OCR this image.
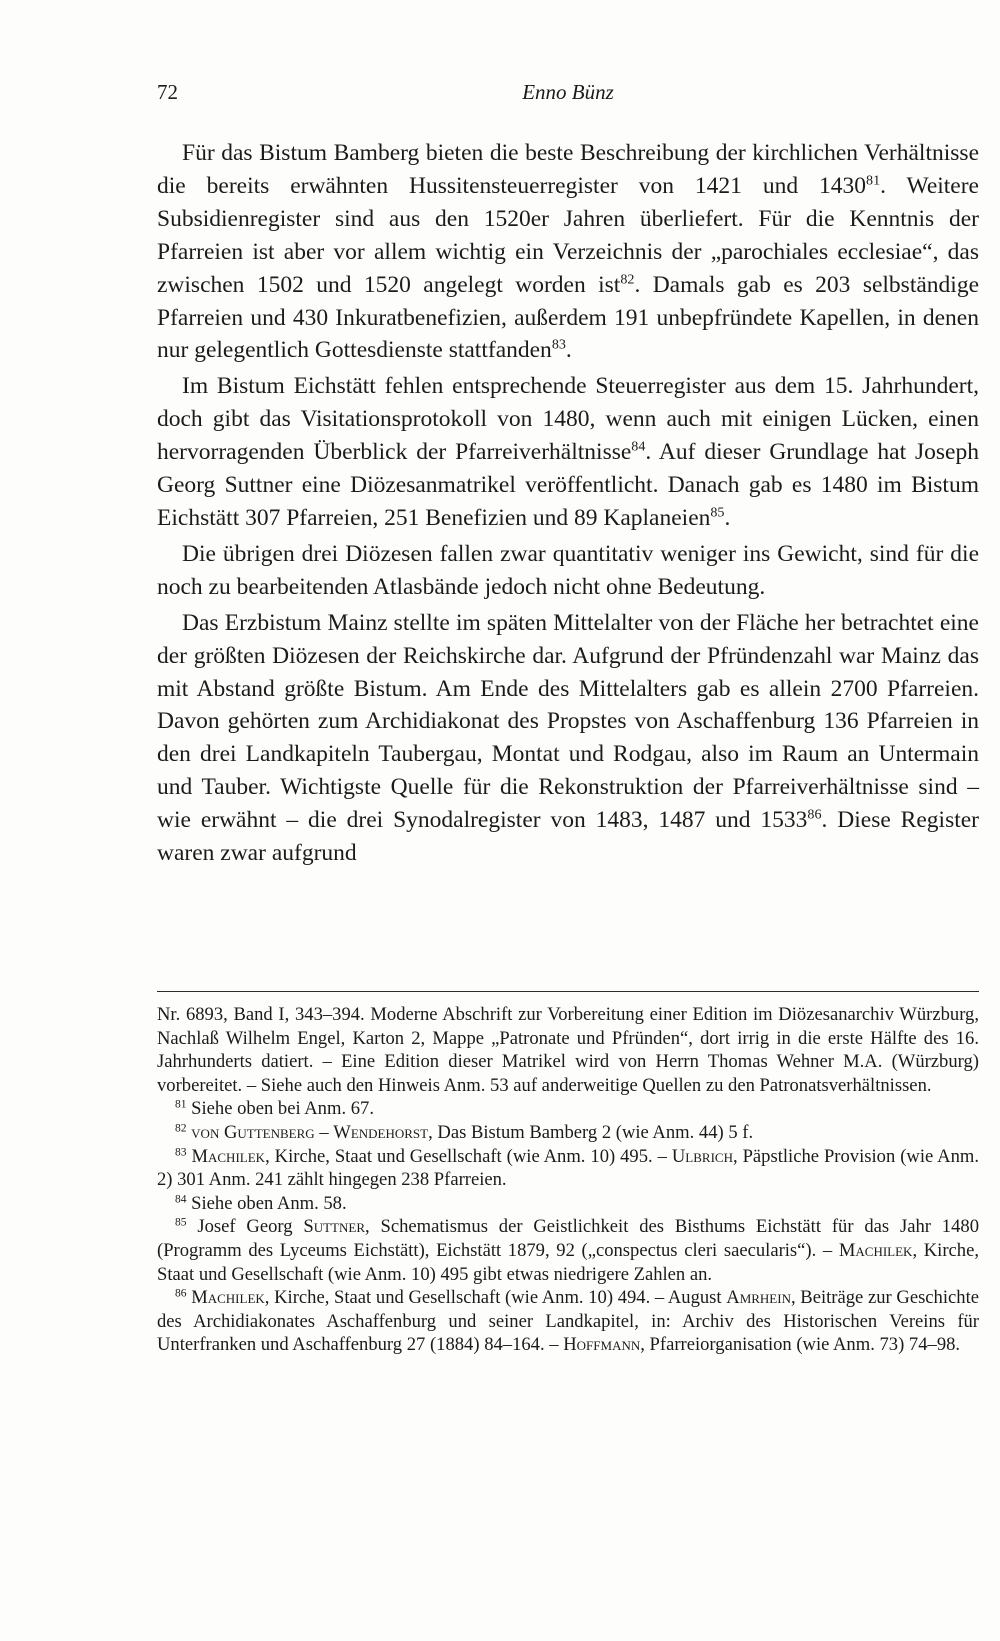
72	Enno Bünz

Für das Bistum Bamberg bieten die beste Beschreibung der kirchlichen Verhältnisse die bereits erwähnten Hussitensteuerregister von 1421 und 1430$^{81}$. Weitere Subsidienregister sind aus den 1520er Jahren überliefert. Für die Kenntnis der Pfarreien ist aber vor allem wichtig ein Verzeichnis der „parochiales ecclesiae“, das zwischen 1502 und 1520 angelegt worden ist$^{82}$. Damals gab es 203 selbständige Pfarreien und 430 Inkuratbenefizien, außerdem 191 unbepfründete Kapellen, in denen nur gelegentlich Gottesdienste stattfanden$^{83}$.

Im Bistum Eichstätt fehlen entsprechende Steuerregister aus dem 15. Jahrhundert, doch gibt das Visitationsprotokoll von 1480, wenn auch mit einigen Lücken, einen hervorragenden Überblick der Pfarreiverhältnisse$^{84}$. Auf dieser Grundlage hat Joseph Georg Suttner eine Diözesanmatrikel veröffentlicht. Danach gab es 1480 im Bistum Eichstätt 307 Pfarreien, 251 Benefizien und 89 Kaplaneien$^{85}$.

Die übrigen drei Diözesen fallen zwar quantitativ weniger ins Gewicht, sind für die noch zu bearbeitenden Atlasbände jedoch nicht ohne Bedeutung.

Das Erzbistum Mainz stellte im späten Mittelalter von der Fläche her betrachtet eine der größten Diözesen der Reichskirche dar. Aufgrund der Pfründenzahl war Mainz das mit Abstand größte Bistum. Am Ende des Mittelalters gab es allein 2700 Pfarreien. Davon gehörten zum Archidiakonat des Propstes von Aschaffenburg 136 Pfarreien in den drei Landkapiteln Taubergau, Montat und Rodgau, also im Raum an Untermain und Tauber. Wichtigste Quelle für die Rekonstruktion der Pfarreiverhältnisse sind – wie erwähnt – die drei Synodalregister von 1483, 1487 und 1533$^{86}$. Diese Register waren zwar aufgrund

Nr. 6893, Band I, 343–394. Moderne Abschrift zur Vorbereitung einer Edition im Diözesanarchiv Würzburg, Nachlaß Wilhelm Engel, Karton 2, Mappe „Patronate und Pfründen“, dort irrig in die erste Hälfte des 16. Jahrhunderts datiert. – Eine Edition dieser Matrikel wird von Herrn Thomas Wehner M.A. (Würzburg) vorbereitet. – Siehe auch den Hinweis Anm. 53 auf anderweitige Quellen zu den Patronatsverhältnissen.

$^{81}$ Siehe oben bei Anm. 67.

$^{82}$ von Guttenberg – Wendehorst, Das Bistum Bamberg 2 (wie Anm. 44) 5 f.

$^{83}$ Machilek, Kirche, Staat und Gesellschaft (wie Anm. 10) 495. – Ulbrich, Päpstliche Provision (wie Anm. 2) 301 Anm. 241 zählt hingegen 238 Pfarreien.

$^{84}$ Siehe oben Anm. 58.

$^{85}$ Josef Georg Suttner, Schematismus der Geistlichkeit des Bisthums Eichstätt für das Jahr 1480 (Programm des Lyceums Eichstätt), Eichstätt 1879, 92 („conspectus cleri saecularis“). – Machilek, Kirche, Staat und Gesellschaft (wie Anm. 10) 495 gibt etwas niedrigere Zahlen an.

$^{86}$ Machilek, Kirche, Staat und Gesellschaft (wie Anm. 10) 494. – August Amrhein, Beiträge zur Geschichte des Archidiakonates Aschaffenburg und seiner Landkapitel, in: Archiv des Historischen Vereins für Unterfranken und Aschaffenburg 27 (1884) 84–164. – Hoffmann, Pfarreiorganisation (wie Anm. 73) 74–98.
